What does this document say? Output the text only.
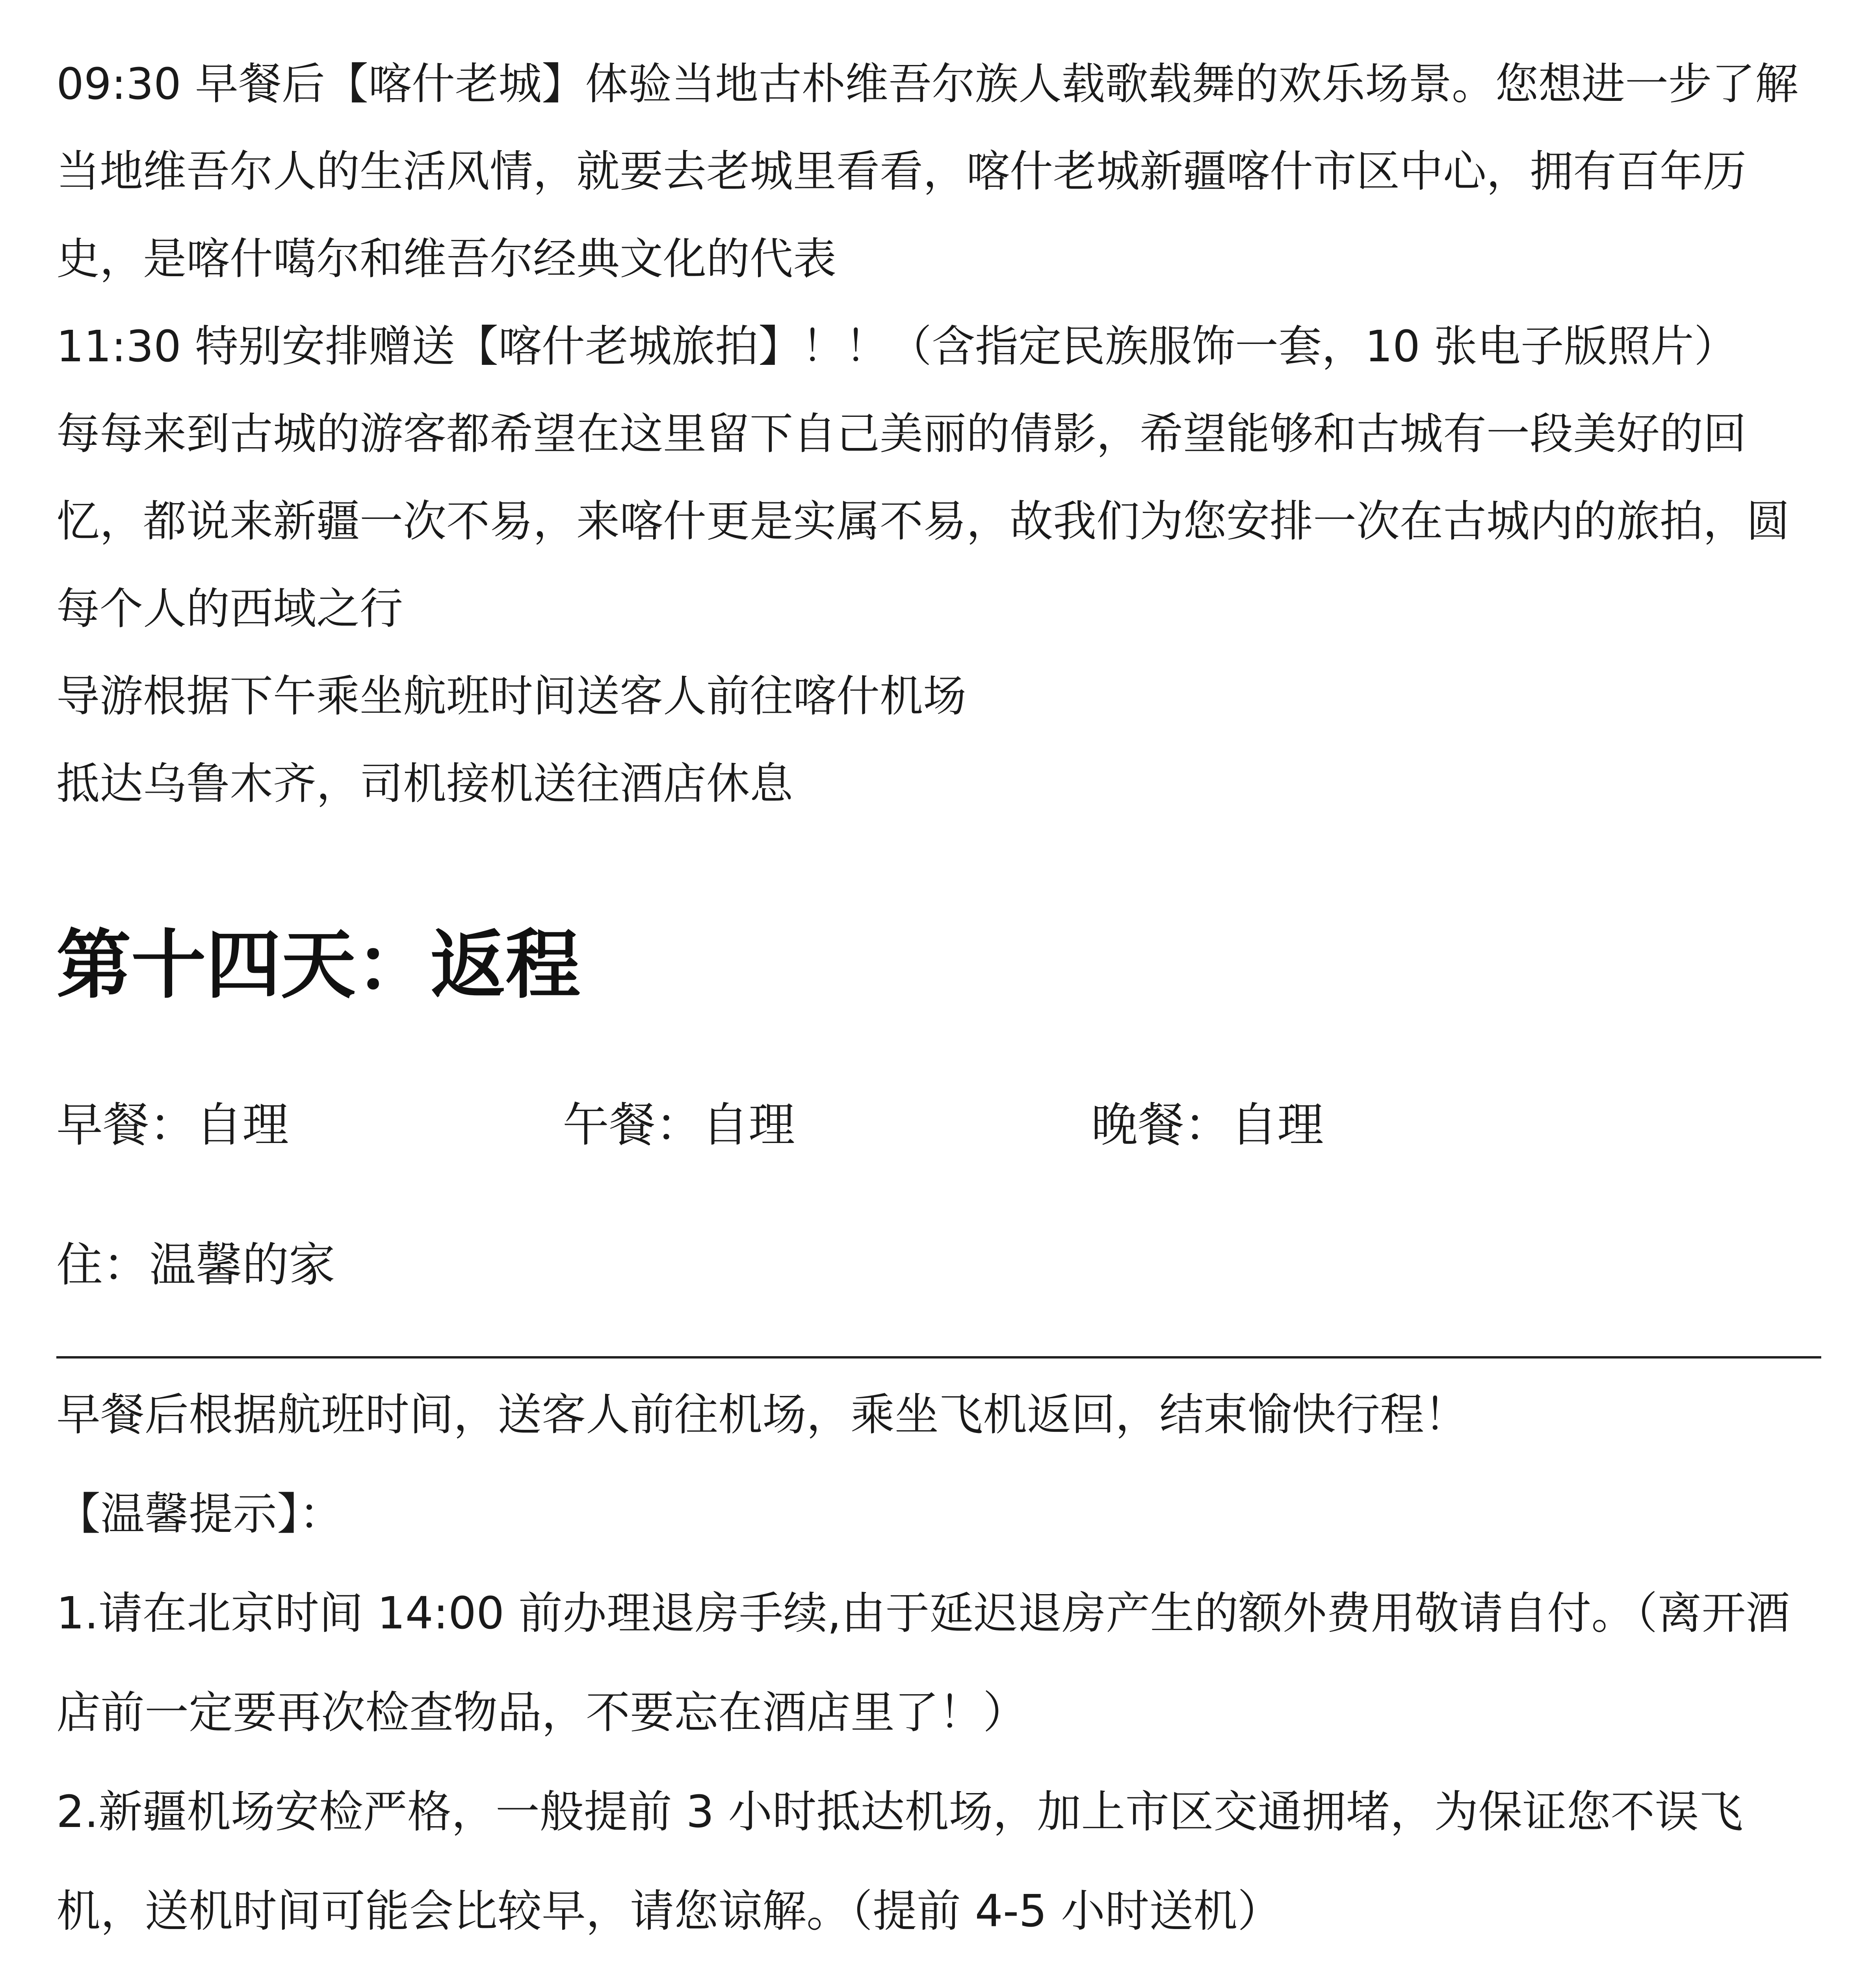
09:30 早餐后【喀什老城】体验当地古朴维吾尔族人载歌载舞的欢乐场景。您想进一步了解当地维吾尔人的生活风情，就要去老城里看看，喀什老城新疆喀什市区中心，拥有百年历史，是喀什噶尔和维吾尔经典文化的代表
11:30 特别安排赠送【喀什老城旅拍】！！（含指定民族服饰一套，10 张电子版照片）
每每来到古城的游客都希望在这里留下自己美丽的倩影，希望能够和古城有一段美好的回忆，都说来新疆一次不易，来喀什更是实属不易，故我们为您安排一次在古城内的旅拍，圆每个人的西域之行
导游根据下午乘坐航班时间送客人前往喀什机场
抵达乌鲁木齐，司机接机送往酒店休息
第十四天：返程
早餐：自理	午餐：自理	晚餐：自理
住：温馨的家
早餐后根据航班时间，送客人前往机场，乘坐飞机返回，结束愉快行程！
【温馨提示】：
1.请在北京时间 14:00 前办理退房手续,由于延迟退房产生的额外费用敬请自付。（离开酒店前一定要再次检查物品，不要忘在酒店里了！）
2.新疆机场安检严格，一般提前 3 小时抵达机场，加上市区交通拥堵，为保证您不误飞机，送机时间可能会比较早，请您谅解。（提前 4-5 小时送机）
